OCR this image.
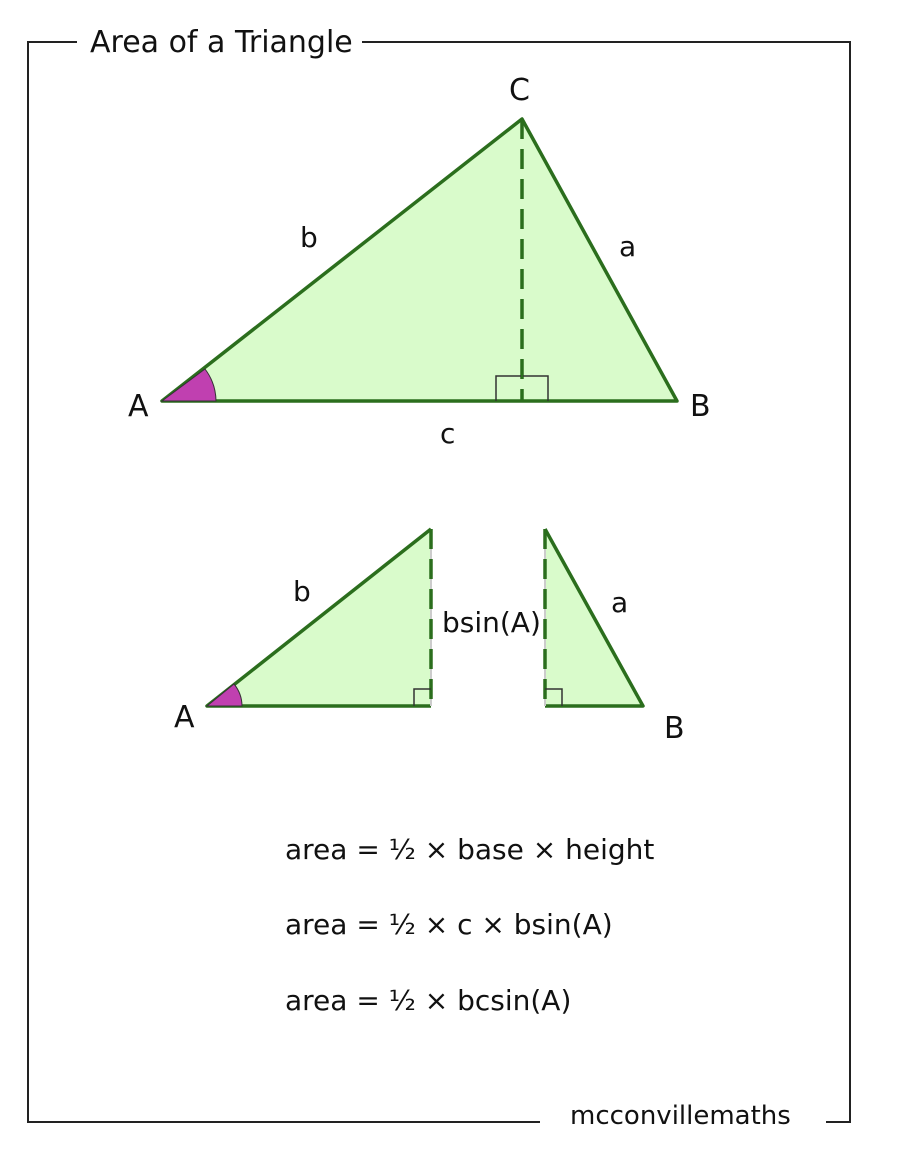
Area of a Triangle
mcconvillemaths
C
A	B
b	a
c
A
b
bsin(A)
B
a
area = ½ × base × height
area = ½ × c × bsin(A)
area = ½ × bcsin(A)
